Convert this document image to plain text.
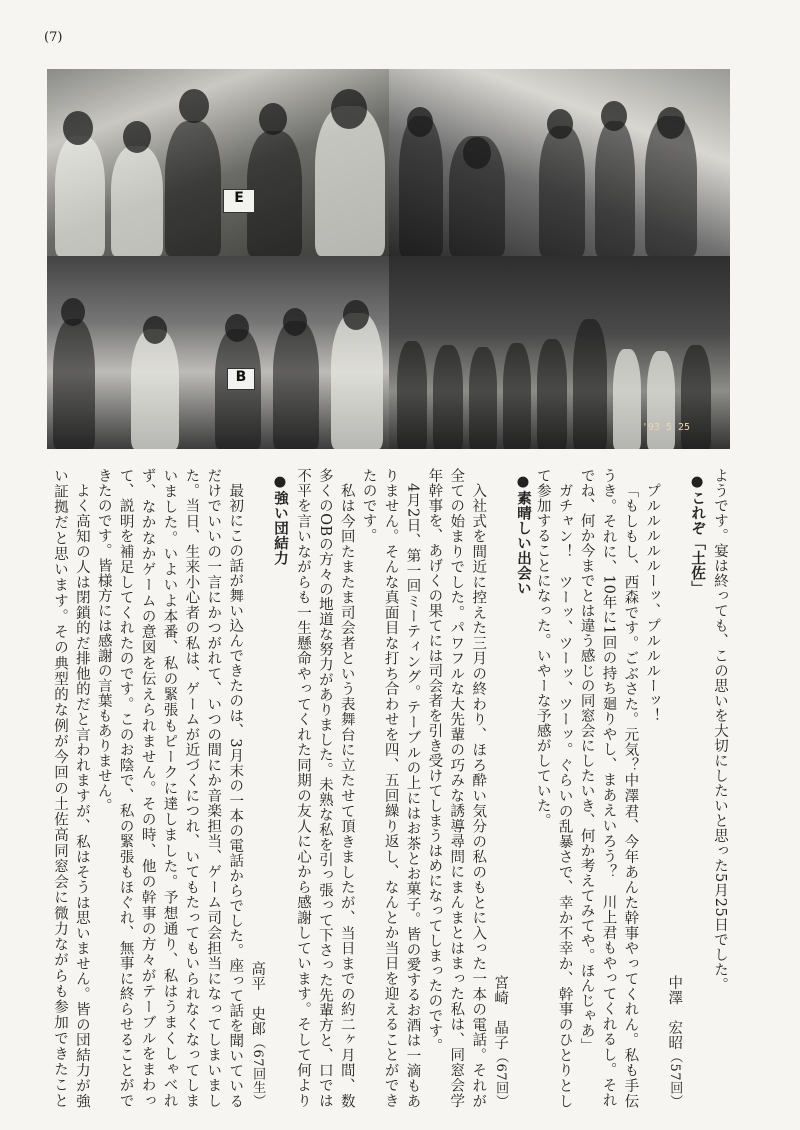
(7)
E
B
'93 5 25

ようです。宴は終っても、この思いを大切にしたいと思った5月25日でした。

●これぞ「土佐」

中澤　宏昭（57回）

プルルルルルーッ、プルルルーッ！

「もしもし、西森です。ごぶさた。元気？中澤君、今年あんた幹事やってくれん。私も手伝うき。それに、10年に1回の持ち廻りやし、まあえいろう？　川上君もやってくれるし。それでね、何か今までとは違う感じの同窓会にしたいき、何か考えてみてや。ほんじゃあ」

ガチャン！　ツーッ、ツーッ、ツーッ。ぐらいの乱暴さで、幸か不幸か、幹事のひとりとして参加することになった。いやーな予感がしていた。

●素晴しい出会い

宮崎　晶子（67回）

入社式を間近に控えた三月の終わり、ほろ酔い気分の私のもとに入った一本の電話。それが全ての始まりでした。パワフルな大先輩の巧みな誘導尋問にまんまとはまった私は、同窓会学年幹事を、あげくの果てには司会者を引き受けてしまうはめになってしまったのです。

4月2日、第一回ミーティング。テーブルの上にはお茶とお菓子。皆の愛するお酒は一滴もありません。そんな真面目な打ち合わせを四、五回繰り返し、なんとか当日を迎えることができたのです。

私は今回たまたま司会者という表舞台に立たせて頂きましたが、当日までの約二ヶ月間、数多くのOBの方々の地道な努力がありました。未熟な私を引っ張って下さった先輩方と、口では不平を言いながらも一生懸命やってくれた同期の友人に心から感謝しています。そして何より

●強い団結力

高平　史郎（67回生）

最初にこの話が舞い込んできたのは、3月末の一本の電話からでした。座って話を聞いているだけでいいの一言にかつがれて、いつの間にか音楽担当、ゲーム司会担当になってしまいました。当日、生来小心者の私は、ゲームが近づくにつれ、いてもたってもいられなくなってしまいました。いよいよ本番、私の緊張もピークに達しました。予想通り、私はうまくしゃべれず、なかなかゲームの意図を伝えられません。その時、他の幹事の方々がテーブルをまわって、説明を補足してくれたのです。このお陰で、私の緊張もほぐれ、無事に終らせることができたのです。皆様方には感謝の言葉もありません。

よく高知の人は閉鎖的だ排他的だと言われますが、私はそうは思いません。皆の団結力が強い証拠だと思います。その典型的な例が今回の土佐高同窓会に微力ながらも参加できたこと
